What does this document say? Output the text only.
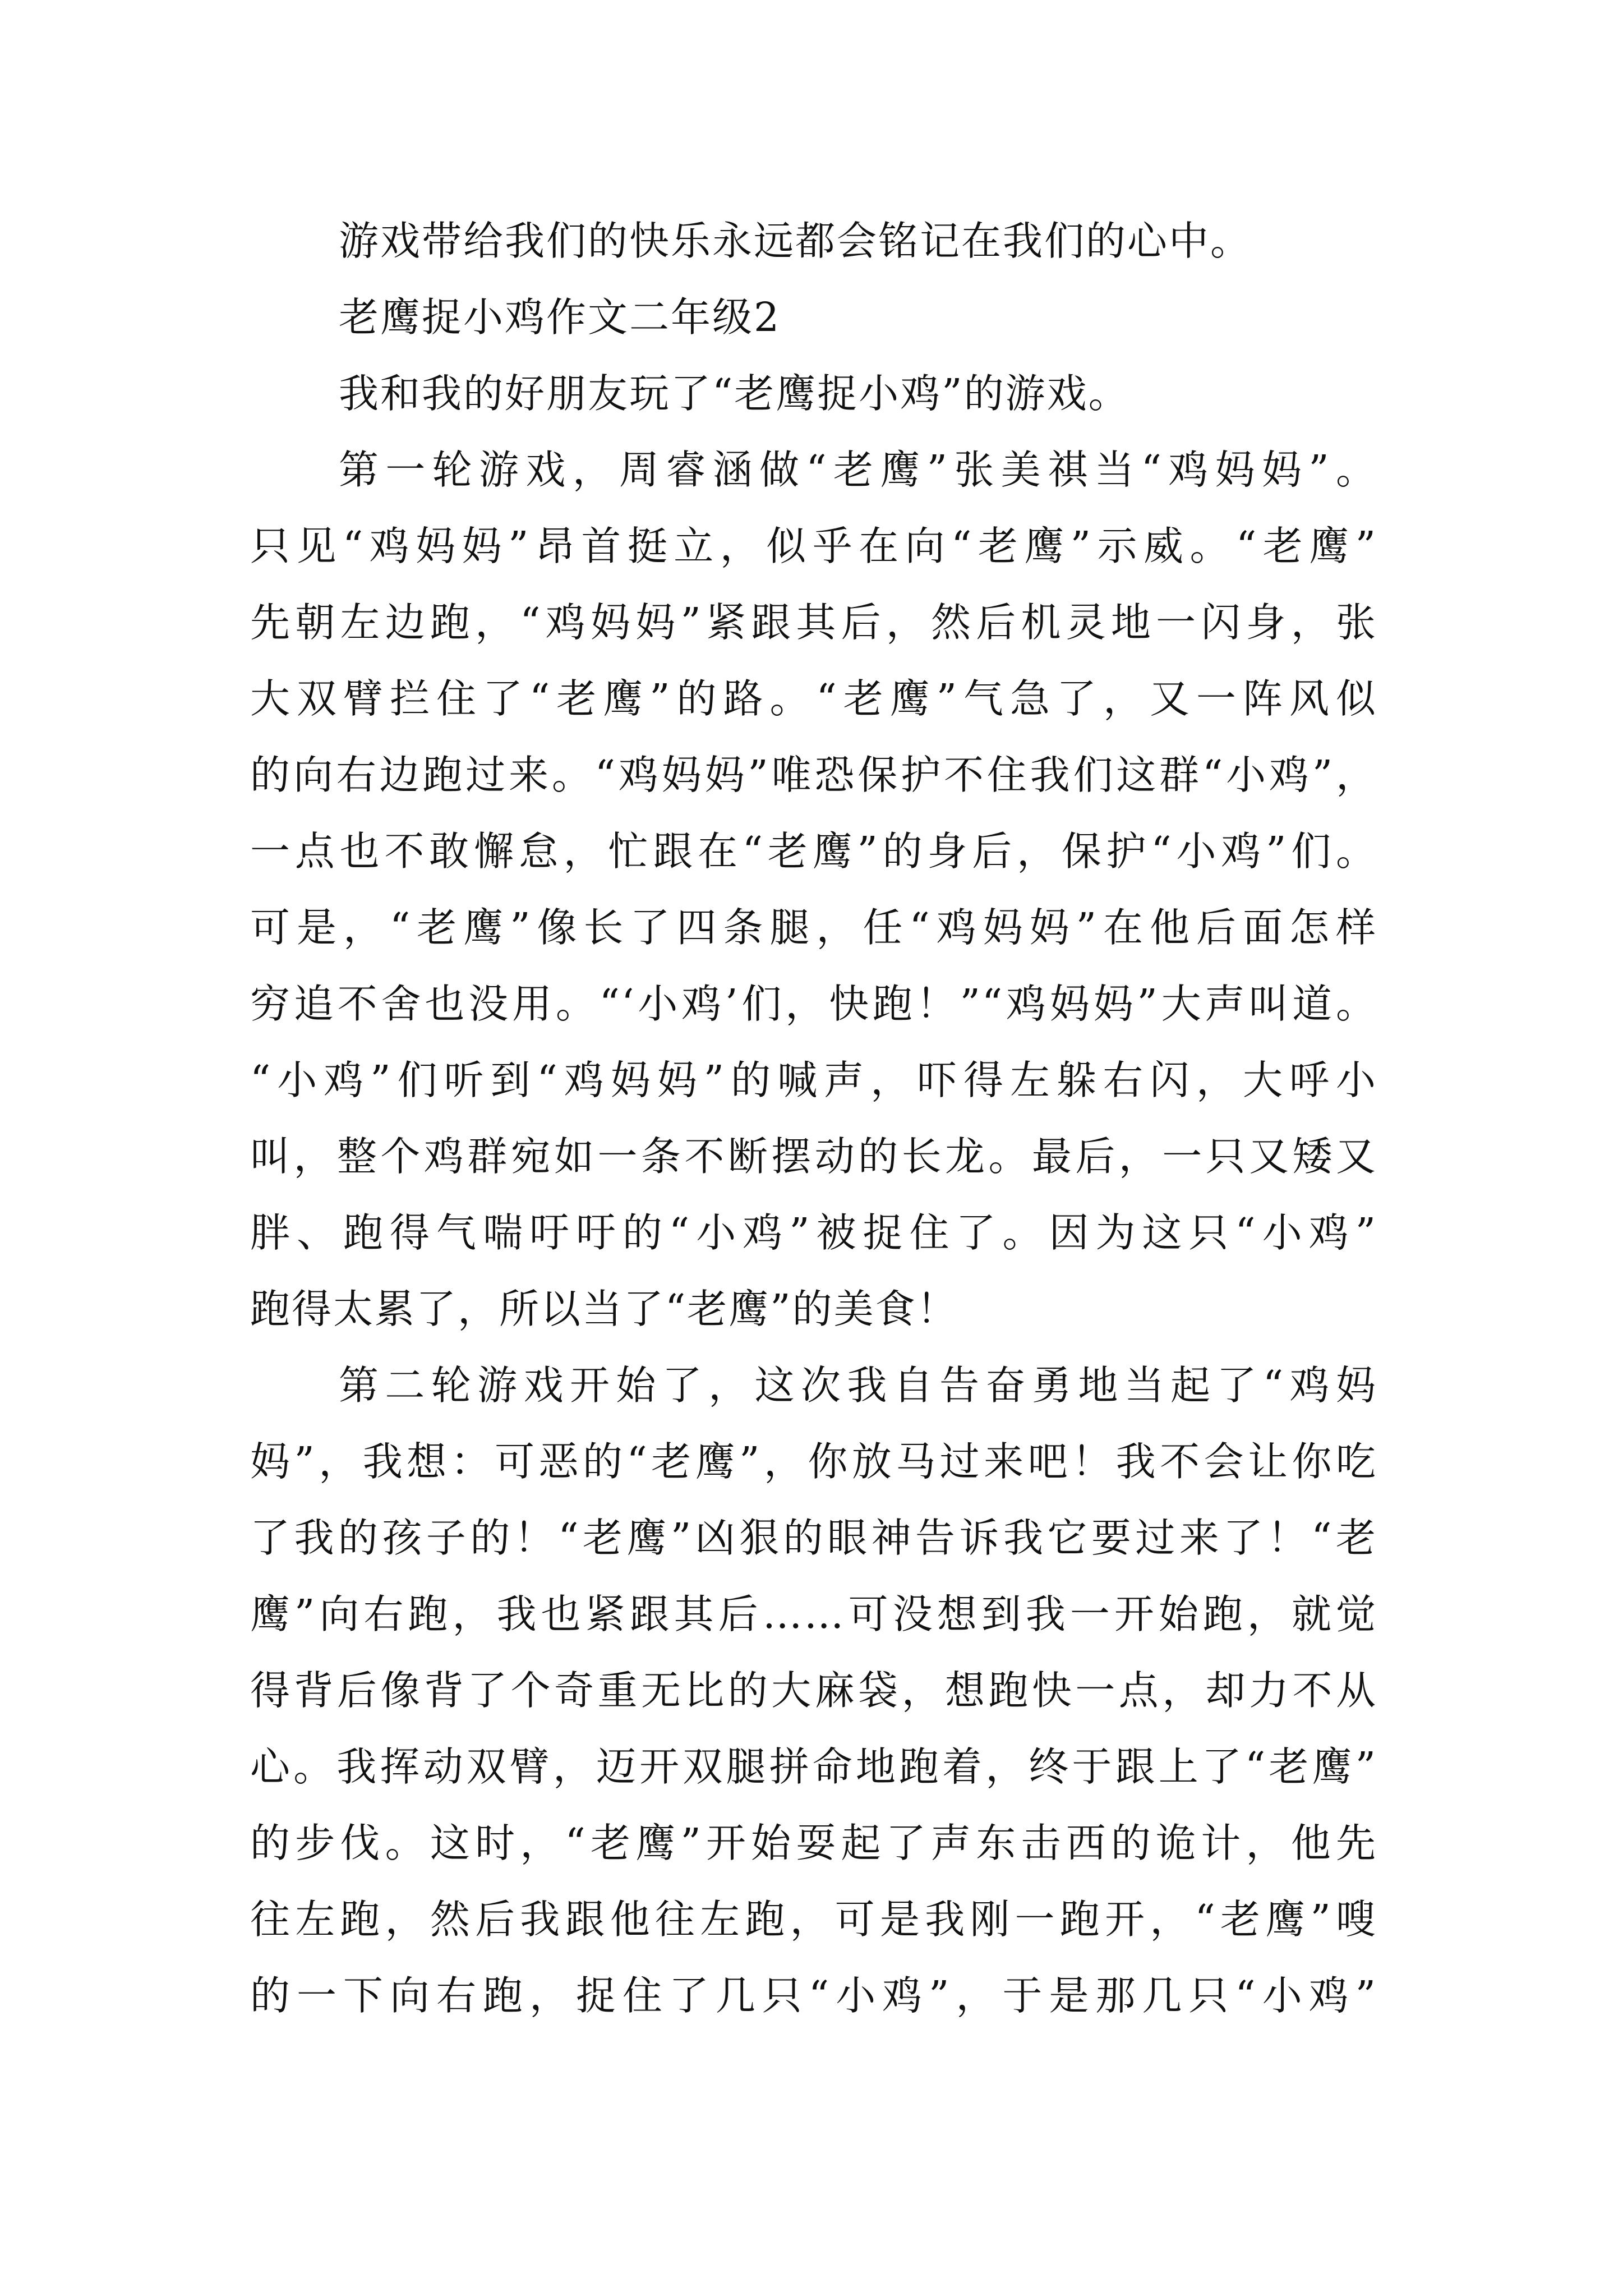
游戏带给我们的快乐永远都会铭记在我们的心中。
老鹰捉小鸡作文二年级2
我和我的好朋友玩了“老鹰捉小鸡”的游戏。
第一轮游戏，周睿涵做“老鹰”张美祺当“鸡妈妈”。
只见“鸡妈妈”昂首挺立，似乎在向“老鹰”示威。“老鹰”
先朝左边跑，“鸡妈妈”紧跟其后，然后机灵地一闪身，张
大双臂拦住了“老鹰”的路。“老鹰”气急了，又一阵风似
的向右边跑过来。“鸡妈妈”唯恐保护不住我们这群“小鸡”，
一点也不敢懈怠，忙跟在“老鹰”的身后，保护“小鸡”们。
可是，“老鹰”像长了四条腿，任“鸡妈妈”在他后面怎样
穷追不舍也没用。“‘小鸡’们，快跑！”“鸡妈妈”大声叫道。
“小鸡”们听到“鸡妈妈”的喊声，吓得左躲右闪，大呼小
叫，整个鸡群宛如一条不断摆动的长龙。最后，一只又矮又
胖、跑得气喘吁吁的“小鸡”被捉住了。因为这只“小鸡”
跑得太累了，所以当了“老鹰”的美食！
第二轮游戏开始了，这次我自告奋勇地当起了“鸡妈
妈”，我想：可恶的“老鹰”，你放马过来吧！我不会让你吃
了我的孩子的！“老鹰”凶狠的眼神告诉我它要过来了！“老
鹰”向右跑，我也紧跟其后……可没想到我一开始跑，就觉
得背后像背了个奇重无比的大麻袋，想跑快一点，却力不从
心。我挥动双臂，迈开双腿拼命地跑着，终于跟上了“老鹰”
的步伐。这时，“老鹰”开始耍起了声东击西的诡计，他先
往左跑，然后我跟他往左跑，可是我刚一跑开，“老鹰”嗖
的一下向右跑，捉住了几只“小鸡”，于是那几只“小鸡”
